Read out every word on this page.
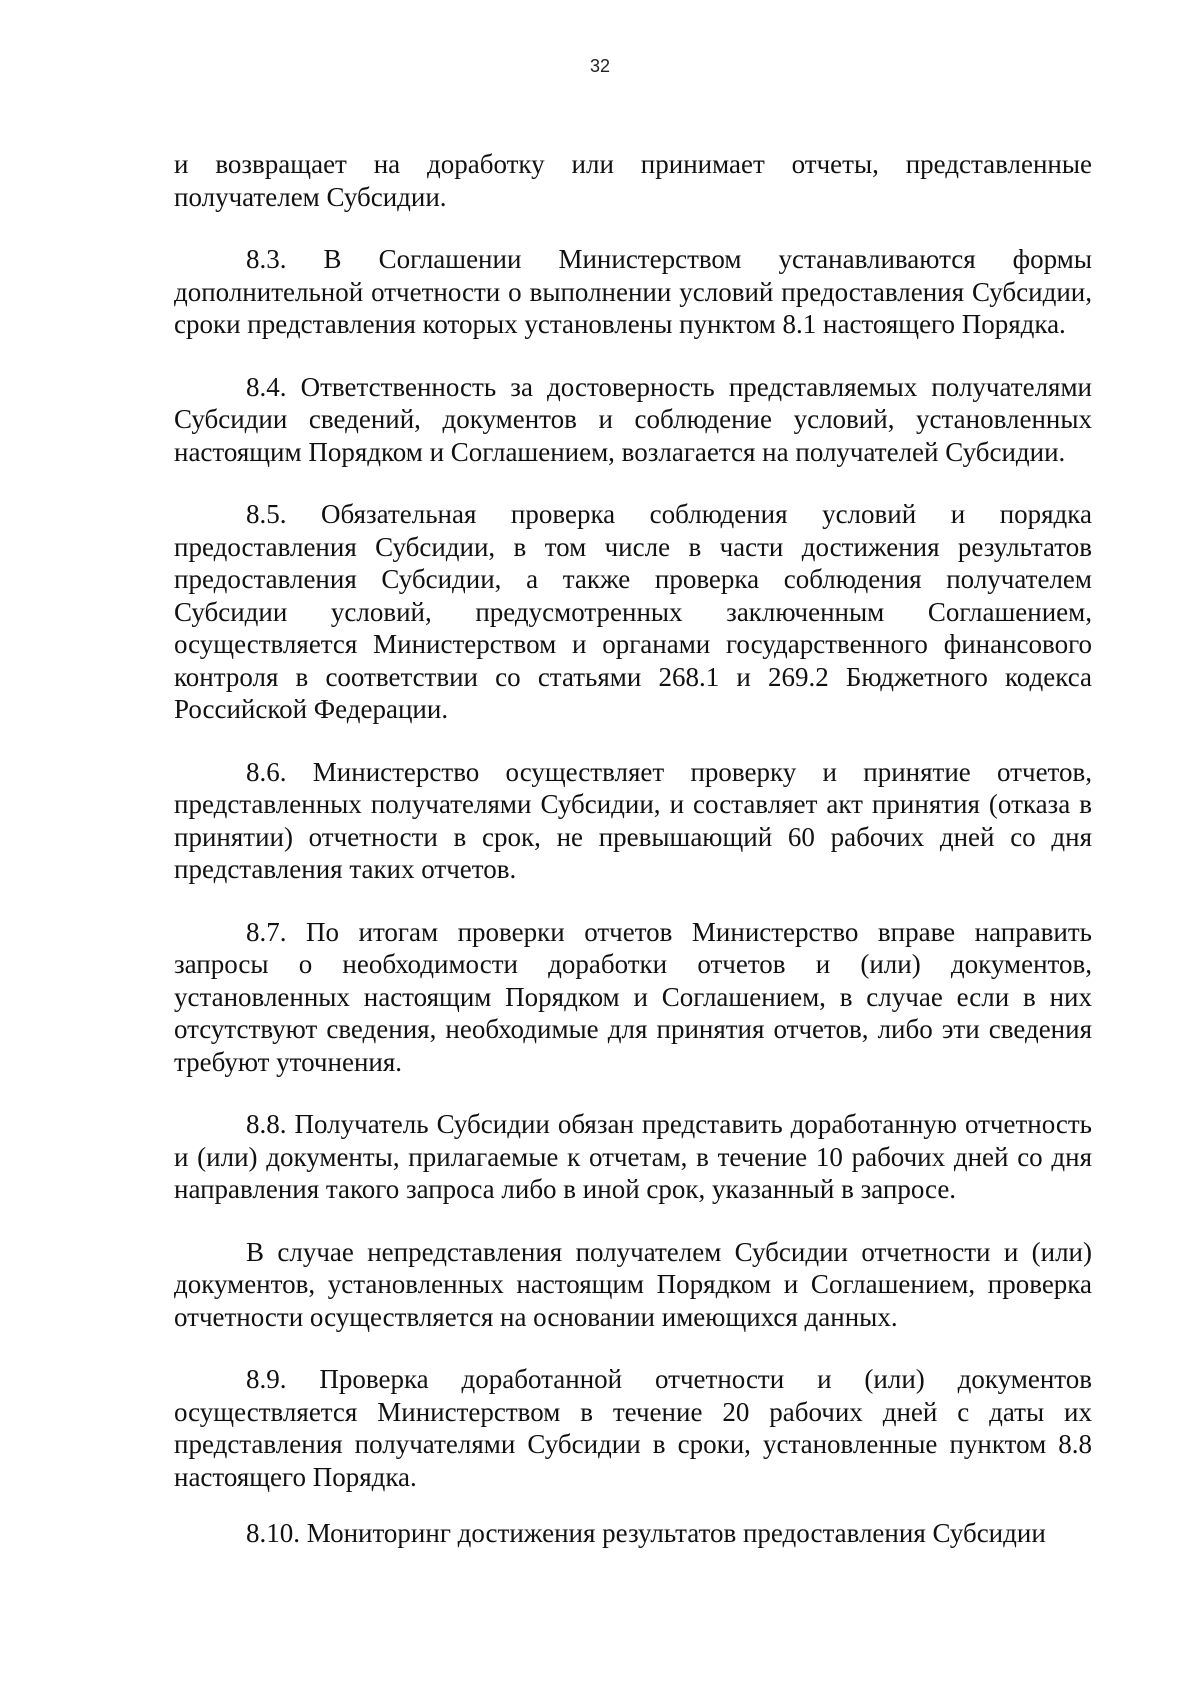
32

и возвращает на доработку или принимает отчеты, представленные получателем Субсидии.

8.3. В Соглашении Министерством устанавливаются формы дополнительной отчетности о выполнении условий предоставления Субсидии, сроки представления которых установлены пунктом 8.1 настоящего Порядка.

8.4. Ответственность за достоверность представляемых получателями Субсидии сведений, документов и соблюдение условий, установленных настоящим Порядком и Соглашением, возлагается на получателей Субсидии.

8.5. Обязательная проверка соблюдения условий и порядка предоставления Субсидии, в том числе в части достижения результатов предоставления Субсидии, а также проверка соблюдения получателем Субсидии условий, предусмотренных заключенным Соглашением, осуществляется Министерством и органами государственного финансового контроля в соответствии со статьями 268.1 и 269.2 Бюджетного кодекса Российской Федерации.

8.6. Министерство осуществляет проверку и принятие отчетов, представленных получателями Субсидии, и составляет акт принятия (отказа в принятии) отчетности в срок, не превышающий 60 рабочих дней со дня представления таких отчетов.

8.7. По итогам проверки отчетов Министерство вправе направить запросы о необходимости доработки отчетов и (или) документов, установленных настоящим Порядком и Соглашением, в случае если в них отсутствуют сведения, необходимые для принятия отчетов, либо эти сведения требуют уточнения.

8.8. Получатель Субсидии обязан представить доработанную отчетность и (или) документы, прилагаемые к отчетам, в течение 10 рабочих дней со дня направления такого запроса либо в иной срок, указанный в запросе.

В случае непредставления получателем Субсидии отчетности и (или) документов, установленных настоящим Порядком и Соглашением, проверка отчетности осуществляется на основании имеющихся данных.

8.9. Проверка доработанной отчетности и (или) документов осуществляется Министерством в течение 20 рабочих дней с даты их представления получателями Субсидии в сроки, установленные пунктом 8.8 настоящего Порядка.

8.10. Мониторинг достижения результатов предоставления Субсидии
